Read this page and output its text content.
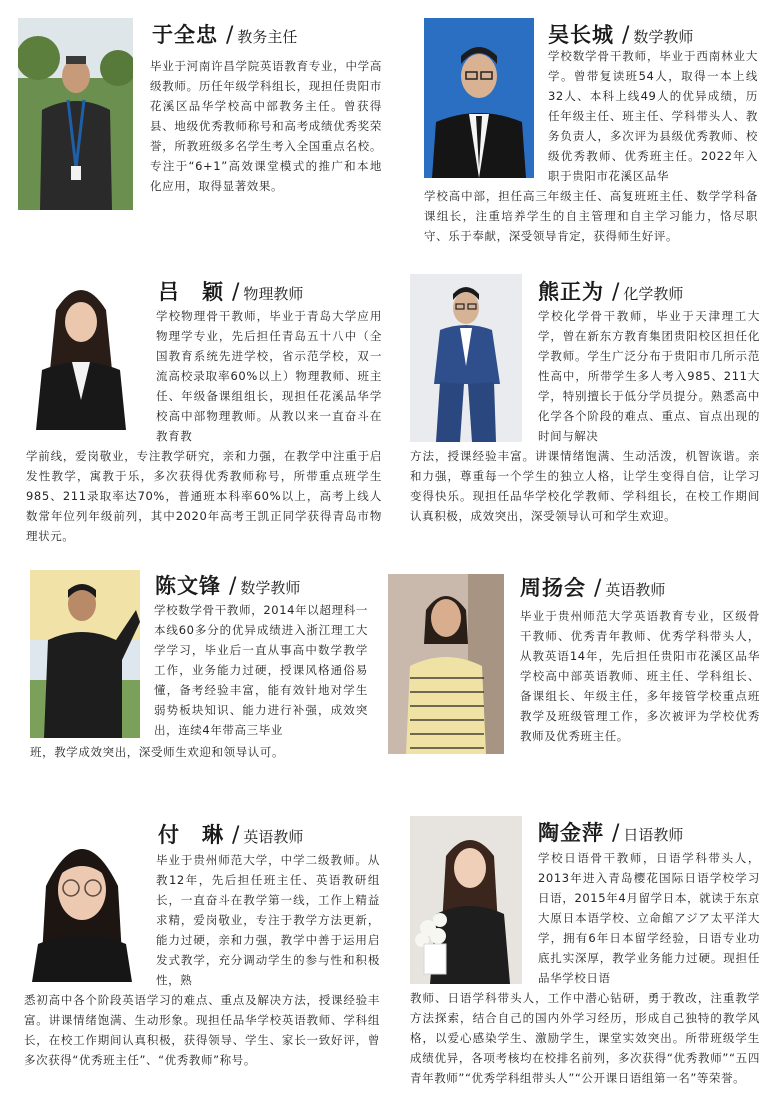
于全忠 / 教务主任

毕业于河南许昌学院英语教育专业，中学高级教师。历任年级学科组长，现担任贵阳市花溪区品华学校高中部教务主任。曾获得县、地级优秀教师称号和高考成绩优秀奖荣誉，所教班级多名学生考入全国重点名校。专注于“6+1”高效课堂模式的推广和本地化应用，取得显著效果。

吴长城 / 数学教师

学校数学骨干教师，毕业于西南林业大学。曾带复读班54人，取得一本上线32人、本科上线49人的优异成绩，历任年级主任、班主任、学科带头人、教务负责人，多次评为县级优秀教师、校级优秀教师、优秀班主任。2022年入职于贵阳市花溪区品华

学校高中部，担任高三年级主任、高复班班主任、数学学科备课组长，注重培养学生的自主管理和自主学习能力，恪尽职守、乐于奉献，深受领导肯定，获得师生好评。

吕　颖 / 物理教师

学校物理骨干教师，毕业于青岛大学应用物理学专业，先后担任青岛五十八中（全国教育系统先进学校，省示范学校，双一流高校录取率60%以上）物理教师、班主任、年级备课组组长，现担任花溪品华学校高中部物理教师。从教以来一直奋斗在教育教

学前线，爱岗敬业，专注教学研究，亲和力强，在教学中注重于启发性教学，寓教于乐，多次获得优秀教师称号，所带重点班学生985、211录取率达70%，普通班本科率60%以上，高考上线人数常年位列年级前列，其中2020年高考王凯正同学获得青岛市物理状元。

熊正为 / 化学教师

学校化学骨干教师，毕业于天津理工大学，曾在新东方教育集团贵阳校区担任化学教师。学生广泛分布于贵阳市几所示范性高中，所带学生多人考入985、211大学，特别擅长于低分学员提分。熟悉高中化学各个阶段的难点、重点、盲点出现的时间与解决

方法，授课经验丰富。讲课情绪饱满、生动活泼，机智诙谐。亲和力强，尊重每一个学生的独立人格，让学生变得自信，让学习变得快乐。现担任品华学校化学教师、学科组长，在校工作期间认真积极，成效突出，深受领导认可和学生欢迎。

陈文锋 / 数学教师

学校数学骨干教师，2014年以超理科一本线60多分的优异成绩进入浙江理工大学学习，毕业后一直从事高中数学教学工作，业务能力过硬，授课风格通俗易懂，备考经验丰富，能有效针地对学生弱势板块知识、能力进行补强，成效突出，连续4年带高三毕业

班，教学成效突出，深受师生欢迎和领导认可。

周扬会 / 英语教师

毕业于贵州师范大学英语教育专业，区级骨干教师、优秀青年教师、优秀学科带头人，从教英语14年，先后担任贵阳市花溪区品华学校高中部英语教师、班主任、学科组长、备课组长、年级主任，多年接管学校重点班教学及班级管理工作，多次被评为学校优秀教师及优秀班主任。

付　琳 / 英语教师

毕业于贵州师范大学，中学二级教师。从教12年，先后担任班主任、英语教研组长，一直奋斗在教学第一线，工作上精益求精，爱岗敬业，专注于教学方法更新，能力过硬，亲和力强，教学中善于运用启发式教学，充分调动学生的参与性和积极性，熟

悉初高中各个阶段英语学习的难点、重点及解决方法，授课经验丰富。讲课情绪饱满、生动形象。现担任品华学校英语教师、学科组长，在校工作期间认真积极，获得领导、学生、家长一致好评，曾多次获得“优秀班主任”、“优秀教师”称号。

陶金萍 / 日语教师

学校日语骨干教师，日语学科带头人，2013年进入青岛樱花国际日语学校学习日语，2015年4月留学日本，就读于东京大原日本语学校、立命館アジア太平洋大学，拥有6年日本留学经验，日语专业功底扎实深厚，教学业务能力过硬。现担任品华学校日语

教师、日语学科带头人，工作中潜心钻研，勇于教改，注重教学方法探索，结合自己的国内外学习经历，形成自己独特的教学风格，以爱心感染学生、激励学生，课堂实效突出。所带班级学生成绩优异，各项考核均在校排名前列，多次获得“优秀教师”“五四青年教师”“优秀学科组带头人”“公开课日语组第一名”等荣誉。
